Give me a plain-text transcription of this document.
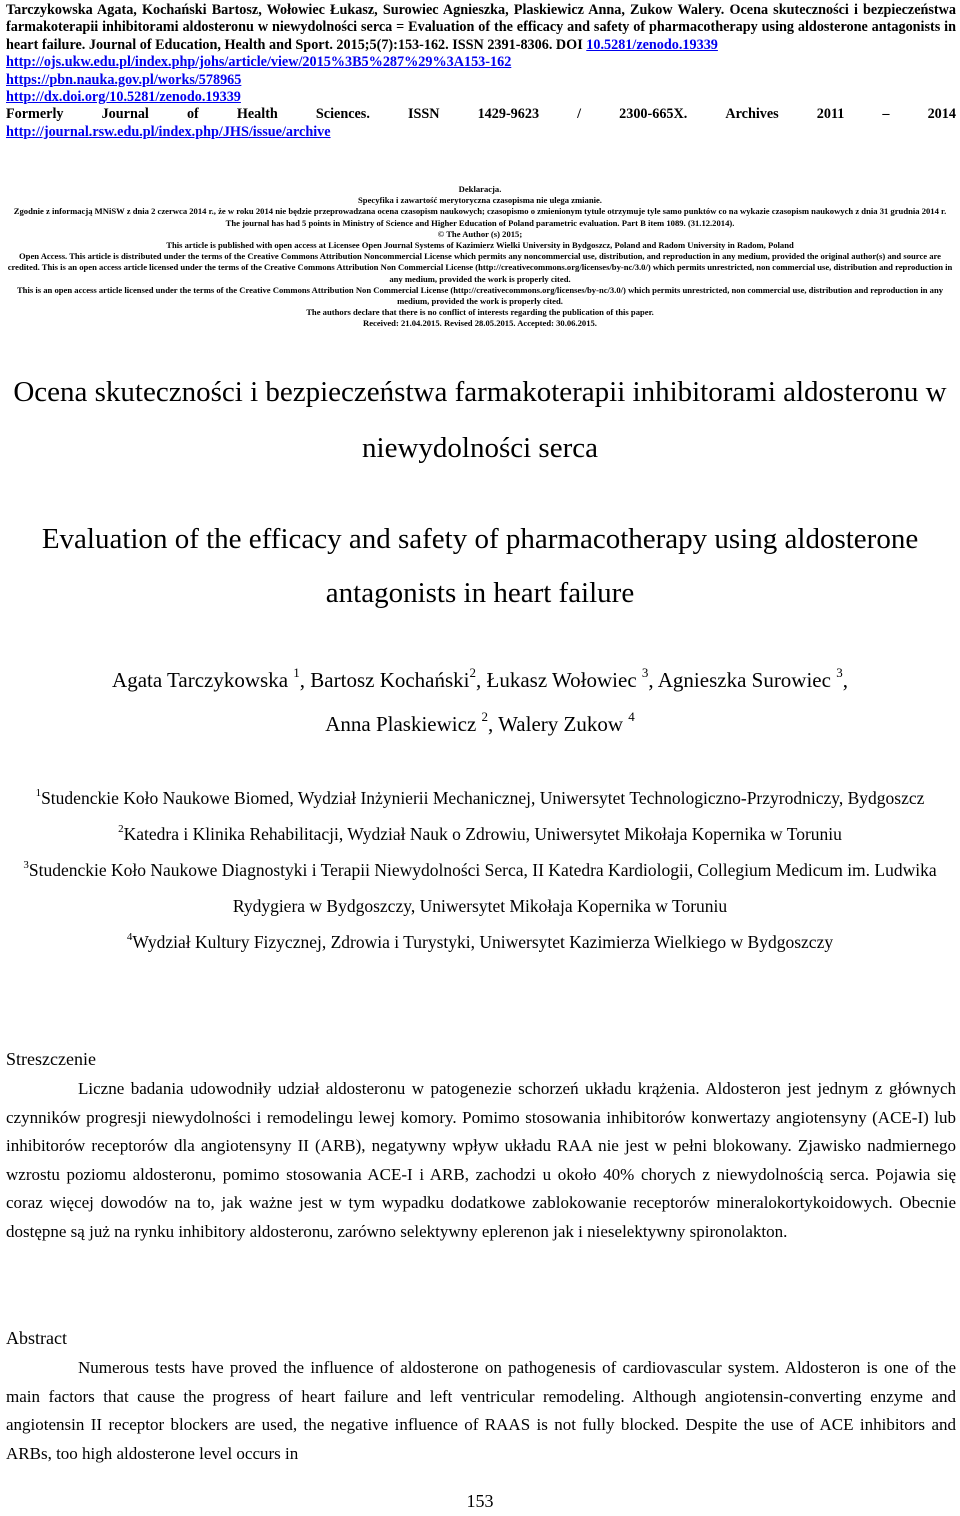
Tarczykowska Agata, Kochański Bartosz, Wołowiec Łukasz, Surowiec Agnieszka, Plaskiewicz Anna, Zukow Walery. Ocena skuteczności i bezpieczeństwa farmakoterapii inhibitorami aldosteronu w niewydolności serca = Evaluation of the efficacy and safety of pharmacotherapy using aldosterone antagonists in heart failure. Journal of Education, Health and Sport. 2015;5(7):153-162. ISSN 2391-8306. DOI 10.5281/zenodo.19339
http://ojs.ukw.edu.pl/index.php/johs/article/view/2015%3B5%287%29%3A153-162
https://pbn.nauka.gov.pl/works/578965
http://dx.doi.org/10.5281/zenodo.19339
Formerly	Journal	of	Health	Sciences.	ISSN	1429-9623	/	2300-665X.	Archives	2011	–	2014
http://journal.rsw.edu.pl/index.php/JHS/issue/archive
Deklaracja.
Specyfika i zawartość merytoryczna czasopisma nie ulega zmianie.
Zgodnie z informacją MNiSW z dnia 2 czerwca 2014 r., że w roku 2014 nie będzie przeprowadzana ocena czasopism naukowych; czasopismo o zmienionym tytule otrzymuje tyle samo punktów co na wykazie czasopism naukowych z dnia 31 grudnia 2014 r.
The journal has had 5 points in Ministry of Science and Higher Education of Poland parametric evaluation. Part B item 1089. (31.12.2014).
© The Author (s) 2015;
This article is published with open access at Licensee Open Journal Systems of Kazimierz Wielki University in Bydgoszcz, Poland and Radom University in Radom, Poland
Open Access. This article is distributed under the terms of the Creative Commons Attribution Noncommercial License which permits any noncommercial use, distribution, and reproduction in any medium, provided the original author(s) and source are credited. This is an open access article licensed under the terms of the Creative Commons Attribution Non Commercial License (http://creativecommons.org/licenses/by-nc/3.0/) which permits unrestricted, non commercial use, distribution and reproduction in any medium, provided the work is properly cited.
This is an open access article licensed under the terms of the Creative Commons Attribution Non Commercial License (http://creativecommons.org/licenses/by-nc/3.0/) which permits unrestricted, non commercial use, distribution and reproduction in any medium, provided the work is properly cited.
The authors declare that there is no conflict of interests regarding the publication of this paper.
Received: 21.04.2015. Revised 28.05.2015. Accepted: 30.06.2015.
Ocena skuteczności i bezpieczeństwa farmakoterapii inhibitorami aldosteronu w niewydolności serca
Evaluation of the efficacy and safety of pharmacotherapy using aldosterone antagonists in heart failure
Agata Tarczykowska $^1$, Bartosz Kochański$^2$, Łukasz Wołowiec $^3$, Agnieszka Surowiec $^3$,
Anna Plaskiewicz $^2$, Walery Zukow $^4$
$^1$Studenckie Koło Naukowe Biomed, Wydział Inżynierii Mechanicznej, Uniwersytet Technologiczno-Przyrodniczy, Bydgoszcz
$^2$Katedra i Klinika Rehabilitacji, Wydział Nauk o Zdrowiu, Uniwersytet Mikołaja Kopernika w Toruniu
$^3$Studenckie Koło Naukowe Diagnostyki i Terapii Niewydolności Serca, II Katedra Kardiologii, Collegium Medicum im. Ludwika Rydygiera w Bydgoszczy, Uniwersytet Mikołaja Kopernika w Toruniu
$^4$Wydział Kultury Fizycznej, Zdrowia i Turystyki, Uniwersytet Kazimierza Wielkiego w Bydgoszczy
Streszczenie

Liczne badania udowodniły udział aldosteronu w patogenezie schorzeń układu krążenia. Aldosteron jest jednym z głównych czynników progresji niewydolności i remodelingu lewej komory. Pomimo stosowania inhibitorów konwertazy angiotensyny (ACE-I) lub inhibitorów receptorów dla angiotensyny II (ARB), negatywny wpływ układu RAA nie jest w pełni blokowany. Zjawisko nadmiernego wzrostu poziomu aldosteronu, pomimo stosowania ACE-I i ARB, zachodzi u około 40% chorych z niewydolnością serca. Pojawia się coraz więcej dowodów na to, jak ważne jest w tym wypadku dodatkowe zablokowanie receptorów mineralokortykoidowych. Obecnie dostępne są już na rynku inhibitory aldosteronu, zarówno selektywny eplerenon jak i nieselektywny spironolakton.

Abstract

Numerous tests have proved the influence of aldosterone on pathogenesis of cardiovascular system. Aldosteron is one of the main factors that cause the progress of heart failure and left ventricular remodeling. Although angiotensin-converting enzyme and angiotensin II receptor blockers are used, the negative influence of RAAS is not fully blocked. Despite the use of ACE inhibitors and ARBs, too high aldosterone level occurs in

153
